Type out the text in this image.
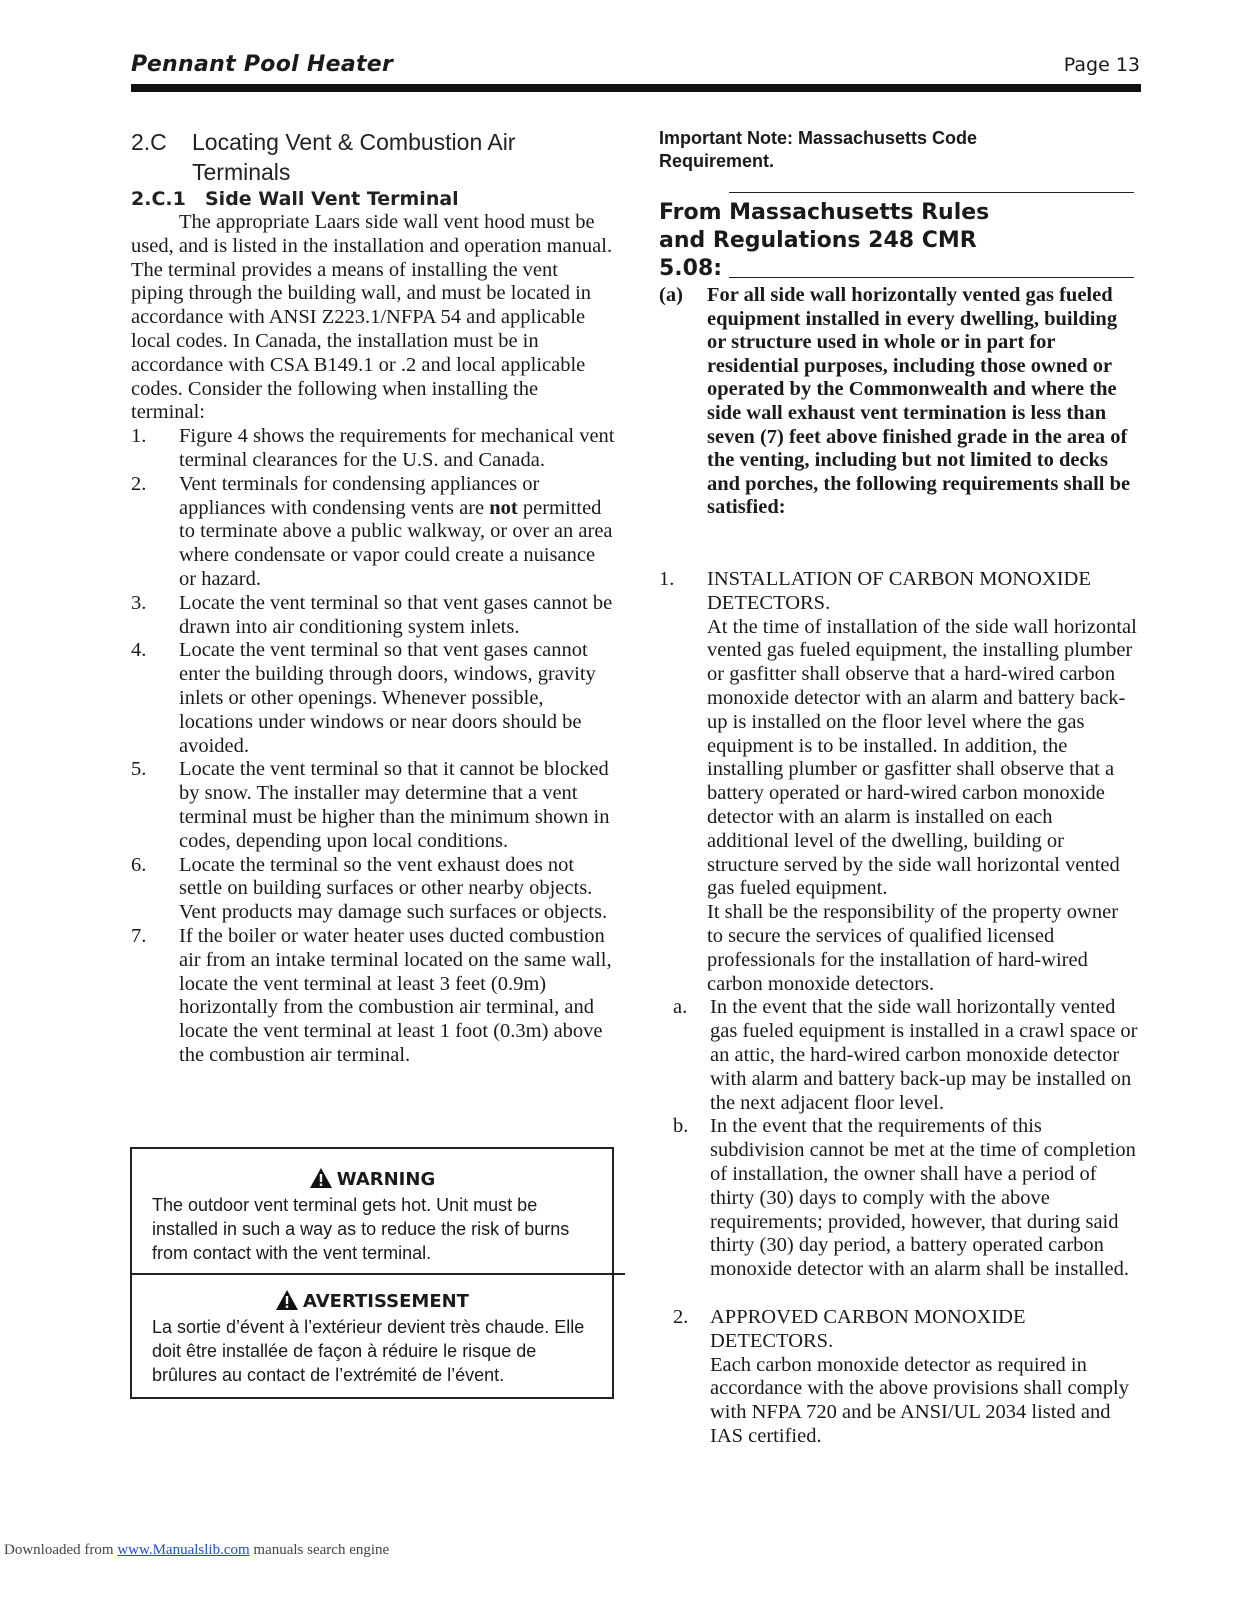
Pennant Pool Heater	Page 13
2.C	Locating Vent & Combustion Air
Terminals
2.C.1	Side Wall Vent Terminal
The appropriate Laars side wall vent hood must be used, and is listed in the installation and operation manual. The terminal provides a means of installing the vent piping through the building wall, and must be located in accordance with ANSI Z223.1/NFPA 54 and applicable local codes. In Canada, the installation must be in accordance with CSA B149.1 or .2 and local applicable codes. Consider the following when installing the terminal:
1.	Figure 4 shows the requirements for mechanical vent terminal clearances for the U.S. and Canada.
2.	Vent terminals for condensing appliances or appliances with condensing vents are not permitted to terminate above a public walkway, or over an area where condensate or vapor could create a nuisance or hazard.
3.	Locate the vent terminal so that vent gases cannot be drawn into air conditioning system inlets.
4.	Locate the vent terminal so that vent gases cannot enter the building through doors, windows, gravity inlets or other openings. Whenever possible, locations under windows or near doors should be avoided.
5.	Locate the vent terminal so that it cannot be blocked by snow. The installer may determine that a vent terminal must be higher than the minimum shown in codes, depending upon local conditions.
6.	Locate the terminal so the vent exhaust does not settle on building surfaces or other nearby objects. Vent products may damage such surfaces or objects.
7.	If the boiler or water heater uses ducted combustion air from an intake terminal located on the same wall, locate the vent terminal at least 3 feet (0.9m) horizontally from the combustion air terminal, and locate the vent terminal at least 1 foot (0.3m) above the combustion air terminal.
WARNING
The outdoor vent terminal gets hot. Unit must be installed in such a way as to reduce the risk of burns from contact with the vent terminal.
AVERTISSEMENT
La sortie d’évent à l’extérieur devient très chaude. Elle doit être installée de façon à réduire le risque de brûlures au contact de l’extrémité de l’évent.
Important Note: Massachusetts Code Requirement.
From Massachusetts Rules and Regulations 248 CMR 5.08:
(a)	For all side wall horizontally vented gas fueled equipment installed in every dwelling, building or structure used in whole or in part for residential purposes, including those owned or operated by the Commonwealth and where the side wall exhaust vent termination is less than seven (7) feet above finished grade in the area of the venting, including but not limited to decks and porches, the following requirements shall be satisfied:
1.	INSTALLATION OF CARBON MONOXIDE DETECTORS.
At the time of installation of the side wall horizontal vented gas fueled equipment, the installing plumber or gasfitter shall observe that a hard-wired carbon monoxide detector with an alarm and battery back-up is installed on the floor level where the gas equipment is to be installed. In addition, the installing plumber or gasfitter shall observe that a battery operated or hard-wired carbon monoxide detector with an alarm is installed on each additional level of the dwelling, building or structure served by the side wall horizontal vented gas fueled equipment.
It shall be the responsibility of the property owner to secure the services of qualified licensed professionals for the installation of hard-wired carbon monoxide detectors.
a.	In the event that the side wall horizontally vented gas fueled equipment is installed in a crawl space or an attic, the hard-wired carbon monoxide detector with alarm and battery back-up may be installed on the next adjacent floor level.
b.	In the event that the requirements of this subdivision cannot be met at the time of completion of installation, the owner shall have a period of thirty (30) days to comply with the above requirements; provided, however, that during said thirty (30) day period, a battery operated carbon monoxide detector with an alarm shall be installed.
2.	APPROVED CARBON MONOXIDE DETECTORS.
Each carbon monoxide detector as required in accordance with the above provisions shall comply with NFPA 720 and be ANSI/UL 2034 listed and IAS certified.
Downloaded from www.Manualslib.com manuals search engine
